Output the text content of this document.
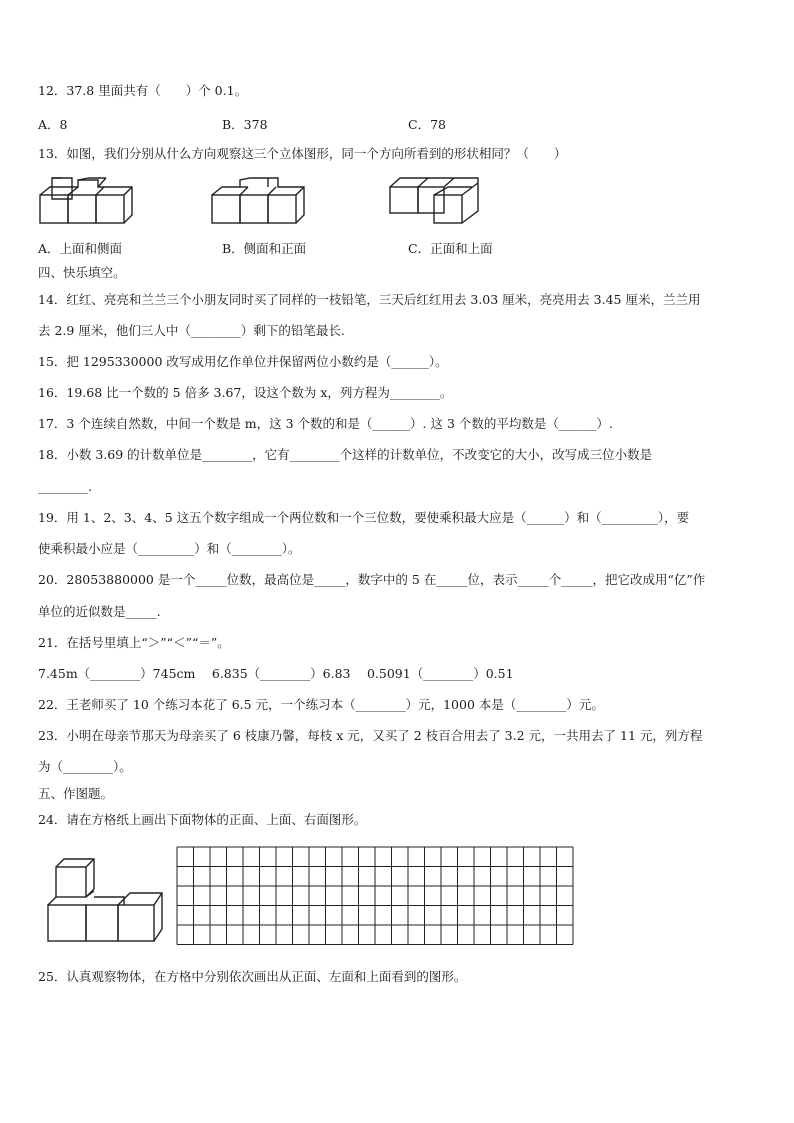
12．37.8 里面共有（　　）个 0.1。
A．8	B．378	C．78
13．如图，我们分别从什么方向观察这三个立体图形，同一个方向所看到的形状相同？（　　）
A．上面和侧面	B．侧面和正面	C．正面和上面
四、快乐填空。
14．红红、亮亮和兰兰三个小朋友同时买了同样的一枝铅笔，三天后红红用去 3.03 厘米，亮亮用去 3.45 厘米，兰兰用
去 2.9 厘米，他们三人中（________）剩下的铅笔最长.
15．把 1295330000 改写成用亿作单位并保留两位小数约是（______）。
16．19.68 比一个数的 5 倍多 3.67，设这个数为 x，列方程为________。
17．3 个连续自然数，中间一个数是 m，这 3 个数的和是（______）. 这 3 个数的平均数是（______）.
18．小数 3.69 的计数单位是________，它有________个这样的计数单位，不改变它的大小，改写成三位小数是
________.
19．用 1、2、3、4、5 这五个数字组成一个两位数和一个三位数，要使乘积最大应是（______）和（_________），要
使乘积最小应是（_________）和（________）。
20．28053880000 是一个_____位数，最高位是_____，数字中的 5 在_____位，表示_____个_____，把它改成用“亿”作
单位的近似数是_____.
21．在括号里填上“＞”“＜”“＝”。
7.45m（________）745cm　 6.835（________）6.83　 0.5091（________）0.51
22．王老师买了 10 个练习本花了 6.5 元，一个练习本（________）元，1000 本是（________）元。
23．小明在母亲节那天为母亲买了 6 枝康乃馨，每枝 x 元，又买了 2 枝百合用去了 3.2 元，一共用去了 11 元，列方程
为（________）。
五、作图题。
24．请在方格纸上画出下面物体的正面、上面、右面图形。
25．认真观察物体，在方格中分别依次画出从正面、左面和上面看到的图形。
